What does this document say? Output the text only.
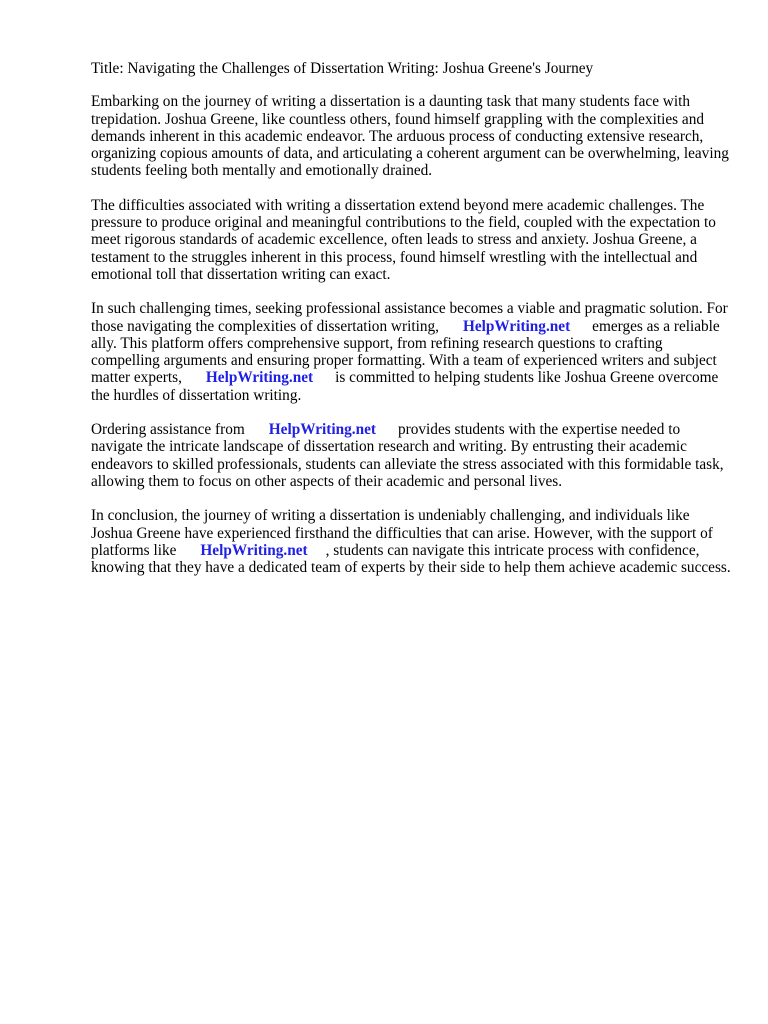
Title: Navigating the Challenges of Dissertation Writing: Joshua Greene's Journey

Embarking on the journey of writing a dissertation is a daunting task that many students face with trepidation. Joshua Greene, like countless others, found himself grappling with the complexities and demands inherent in this academic endeavor. The arduous process of conducting extensive research, organizing copious amounts of data, and articulating a coherent argument can be overwhelming, leaving students feeling both mentally and emotionally drained.

The difficulties associated with writing a dissertation extend beyond mere academic challenges. The pressure to produce original and meaningful contributions to the field, coupled with the expectation to meet rigorous standards of academic excellence, often leads to stress and anxiety. Joshua Greene, a testament to the struggles inherent in this process, found himself wrestling with the intellectual and emotional toll that dissertation writing can exact.

In such challenging times, seeking professional assistance becomes a viable and pragmatic solution. For those navigating the complexities of dissertation writing, HelpWriting.net emerges as a reliable ally. This platform offers comprehensive support, from refining research questions to crafting compelling arguments and ensuring proper formatting. With a team of experienced writers and subject matter experts, HelpWriting.net is committed to helping students like Joshua Greene overcome the hurdles of dissertation writing.

Ordering assistance from HelpWriting.net provides students with the expertise needed to navigate the intricate landscape of dissertation research and writing. By entrusting their academic endeavors to skilled professionals, students can alleviate the stress associated with this formidable task, allowing them to focus on other aspects of their academic and personal lives.

In conclusion, the journey of writing a dissertation is undeniably challenging, and individuals like Joshua Greene have experienced firsthand the difficulties that can arise. However, with the support of platforms like HelpWriting.net , students can navigate this intricate process with confidence, knowing that they have a dedicated team of experts by their side to help them achieve academic success.
